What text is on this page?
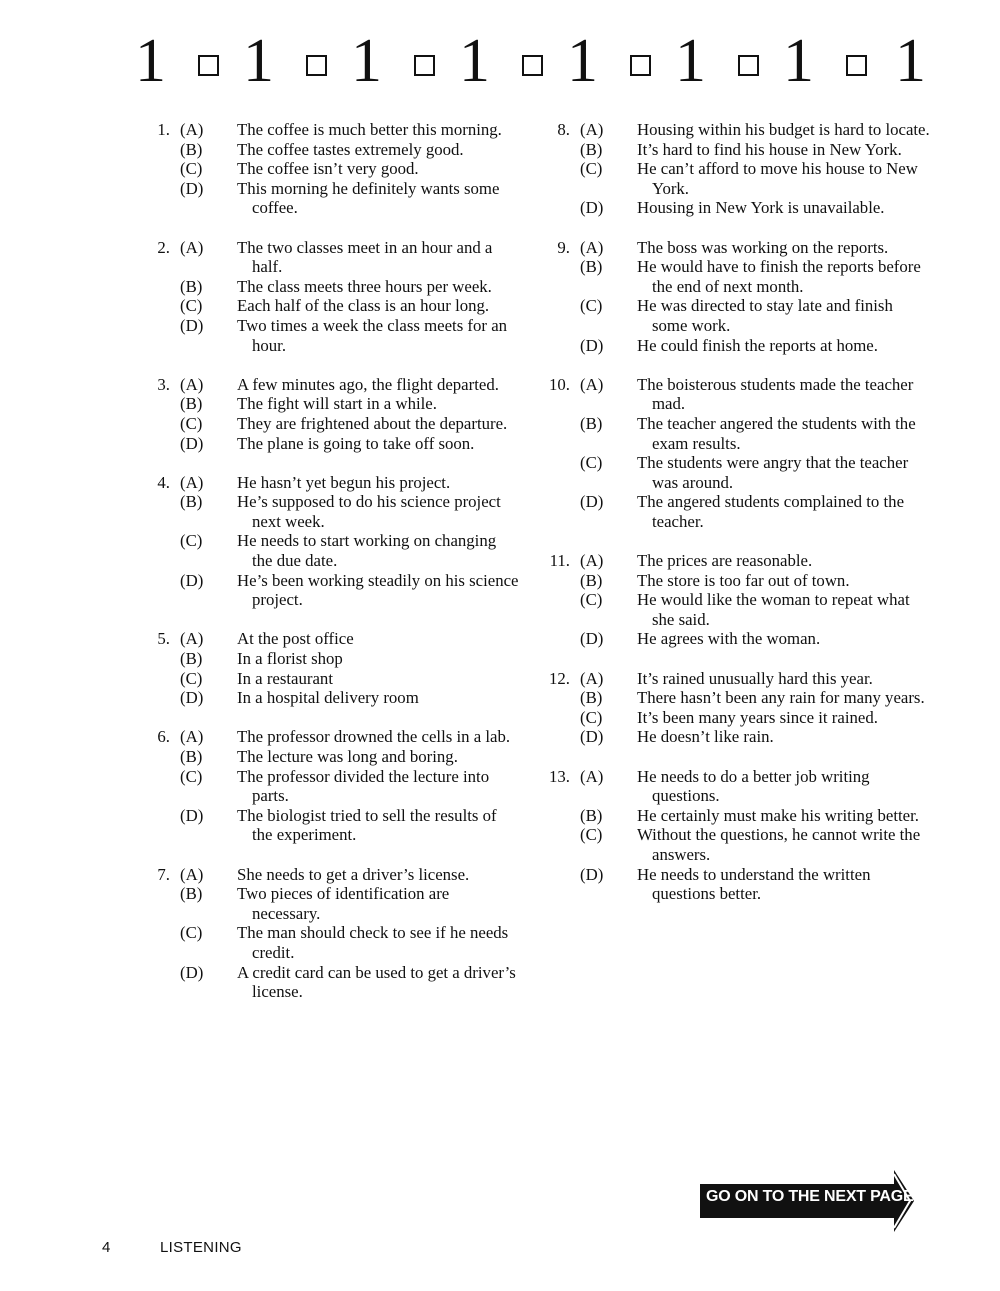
1 1 1 1 1 1 1 1
1. (A) The coffee is much better this morning.
(B) The coffee tastes extremely good.
(C) The coffee isn’t very good.
(D) This morning he definitely wants some coffee.
2. (A) The two classes meet in an hour and a half.
(B) The class meets three hours per week.
(C) Each half of the class is an hour long.
(D) Two times a week the class meets for an hour.
3. (A) A few minutes ago, the flight departed.
(B) The fight will start in a while.
(C) They are frightened about the departure.
(D) The plane is going to take off soon.
4. (A) He hasn’t yet begun his project.
(B) He’s supposed to do his science project next week.
(C) He needs to start working on changing the due date.
(D) He’s been working steadily on his science project.
5. (A) At the post office
(B) In a florist shop
(C) In a restaurant
(D) In a hospital delivery room
6. (A) The professor drowned the cells in a lab.
(B) The lecture was long and boring.
(C) The professor divided the lecture into parts.
(D) The biologist tried to sell the results of the experiment.
7. (A) She needs to get a driver’s license.
(B) Two pieces of identification are necessary.
(C) The man should check to see if he needs credit.
(D) A credit card can be used to get a driver’s license.
8. (A) Housing within his budget is hard to locate.
(B) It’s hard to find his house in New York.
(C) He can’t afford to move his house to New York.
(D) Housing in New York is unavailable.
9. (A) The boss was working on the reports.
(B) He would have to finish the reports before the end of next month.
(C) He was directed to stay late and finish some work.
(D) He could finish the reports at home.
10. (A) The boisterous students made the teacher mad.
(B) The teacher angered the students with the exam results.
(C) The students were angry that the teacher was around.
(D) The angered students complained to the teacher.
11. (A) The prices are reasonable.
(B) The store is too far out of town.
(C) He would like the woman to repeat what she said.
(D) He agrees with the woman.
12. (A) It’s rained unusually hard this year.
(B) There hasn’t been any rain for many years.
(C) It’s been many years since it rained.
(D) He doesn’t like rain.
13. (A) He needs to do a better job writing questions.
(B) He certainly must make his writing better.
(C) Without the questions, he cannot write the answers.
(D) He needs to understand the written questions better.
4	LISTENING
GO ON TO THE NEXT PAGE
